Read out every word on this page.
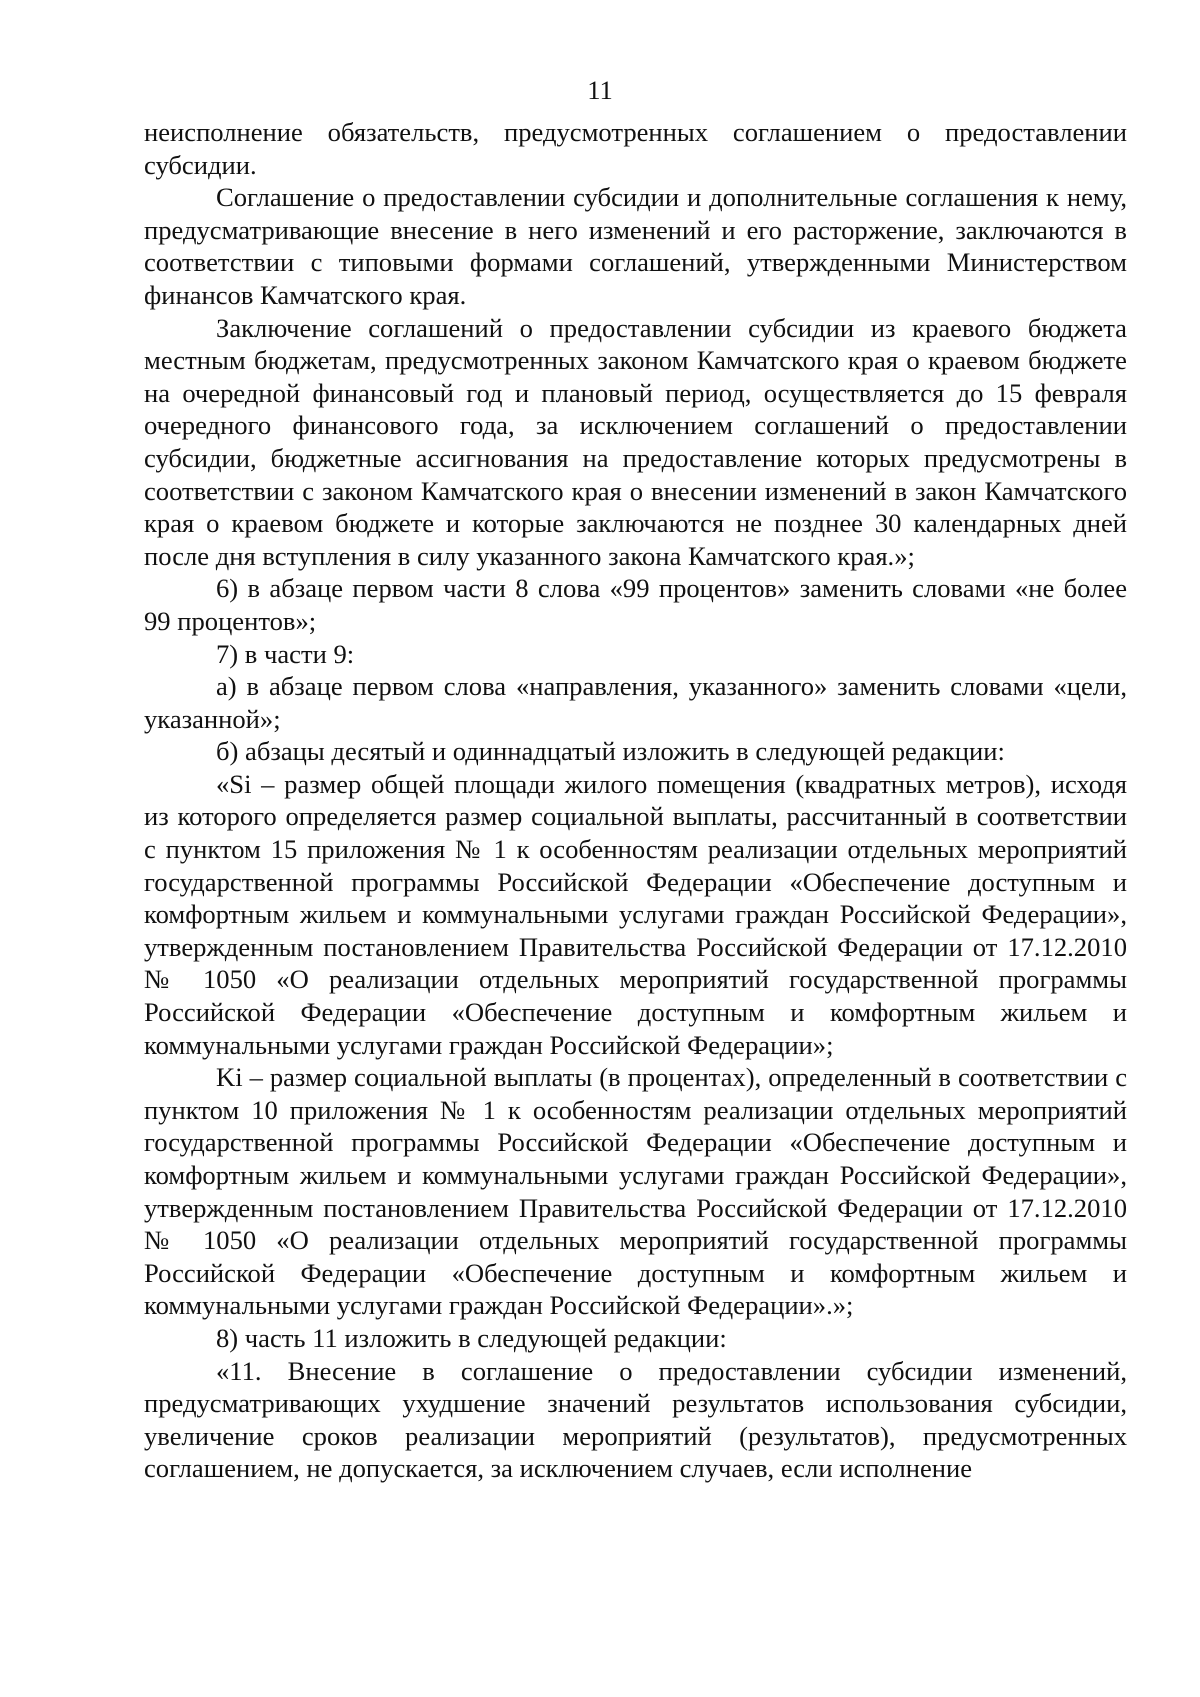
11

неисполнение обязательств, предусмотренных соглашением о предоставлении субсидии.

Соглашение о предоставлении субсидии и дополнительные соглашения к нему, предусматривающие внесение в него изменений и его расторжение, заключаются в соответствии с типовыми формами соглашений, утвержденными Министерством финансов Камчатского края.

Заключение соглашений о предоставлении субсидии из краевого бюджета местным бюджетам, предусмотренных законом Камчатского края о краевом бюджете на очередной финансовый год и плановый период, осуществляется до 15 февраля очередного финансового года, за исключением соглашений о предоставлении субсидии, бюджетные ассигнования на предоставление которых предусмотрены в соответствии с законом Камчатского края о внесении изменений в закон Камчатского края о краевом бюджете и которые заключаются не позднее 30 календарных дней после дня вступления в силу указанного закона Камчатского края.»;

6) в абзаце первом части 8 слова «99 процентов» заменить словами «не более 99 процентов»;

7) в части 9:

а) в абзаце первом слова «направления, указанного» заменить словами «цели, указанной»;

б) абзацы десятый и одиннадцатый изложить в следующей редакции:

«Si – размер общей площади жилого помещения (квадратных метров), исходя из которого определяется размер социальной выплаты, рассчитанный в соответствии с пунктом 15 приложения № 1 к особенностям реализации отдельных мероприятий государственной программы Российской Федерации «Обеспечение доступным и комфортным жильем и коммунальными услугами граждан Российской Федерации», утвержденным постановлением Правительства Российской Федерации от 17.12.2010 № 1050 «О реализации отдельных мероприятий государственной программы Российской Федерации «Обеспечение доступным и комфортным жильем и коммунальными услугами граждан Российской Федерации»;

Ki – размер социальной выплаты (в процентах), определенный в соответствии с пунктом 10 приложения № 1 к особенностям реализации отдельных мероприятий государственной программы Российской Федерации «Обеспечение доступным и комфортным жильем и коммунальными услугами граждан Российской Федерации», утвержденным постановлением Правительства Российской Федерации от 17.12.2010 № 1050 «О реализации отдельных мероприятий государственной программы Российской Федерации «Обеспечение доступным и комфортным жильем и коммунальными услугами граждан Российской Федерации».»;

8) часть 11 изложить в следующей редакции:

«11. Внесение в соглашение о предоставлении субсидии изменений, предусматривающих ухудшение значений результатов использования субсидии, увеличение сроков реализации мероприятий (результатов), предусмотренных соглашением, не допускается, за исключением случаев, если исполнение
